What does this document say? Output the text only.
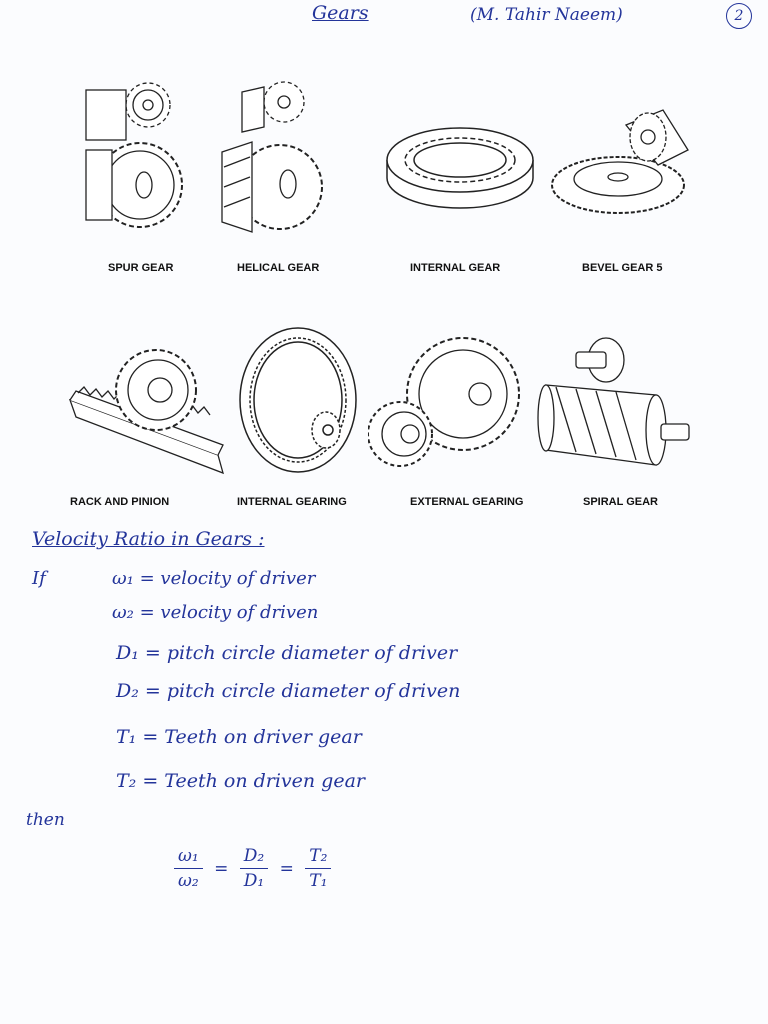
Gears	(M. Tahir Naeem)	2
SPUR GEAR	HELICAL GEAR	INTERNAL GEAR	BEVEL GEAR 5
RACK AND PINION	INTERNAL GEARING	EXTERNAL GEARING	SPIRAL GEAR
Velocity Ratio in Gears :
If	ω₁ = velocity of driver
ω₂ = velocity of driven
D₁ = pitch circle diameter of driver
D₂ = pitch circle diameter of driven
T₁ = Teeth on driver gear
T₂ = Teeth on driven gear
then
$\frac{\text{ω₁}}{\text{ω₂}} = \frac{\text{D₂}}{\text{D₁}} = \frac{\text{T₂}}{\text{T₁}}$
